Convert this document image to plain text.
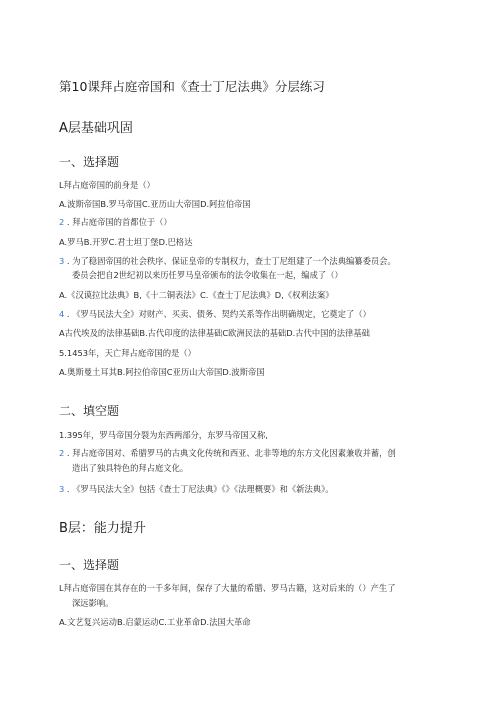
第10课拜占庭帝国和《查士丁尼法典》分层练习
A层基础巩固
一、选择题
L拜占庭帝国的前身是（）
A.波斯帝国B.罗马帝国C.亚历山大帝国D.阿拉伯帝国
2 . 拜占庭帝国的首都位于（）
A.罗马B.开罗C.君士坦丁堡D.巴格达
3 . 为了稳固帝国的社会秩序、保证皇帝的专制权力，查士丁尼组建了一个法典编纂委员会。
委员会把自2世纪初以来历任罗马皇帝颁布的法令收集在一起，编成了（）
A.《汉谟拉比法典》B,《十二铜表法》C.《查士丁尼法典》D,《权利法案》
4 . 《罗马民法大全》对财产、买卖、债务、契约关系等作出明确规定，它奠定了（）
A古代埃及的法律基础B.古代印度的法律基础C欧洲民法的基础D.古代中国的法律基础
5.1453年，天亡拜占庭帝国的是（）
A.奥斯曼土耳其B.阿拉伯帝国C亚历山大帝国D.波斯帝国
二、填空题
1.395年，罗马帝国分裂为东西两部分，东罗马帝国又称,
2 . 拜占庭帝国对、希腊罗马的古典文化传统和西亚、北非等地的东方文化因素兼收并蓄，创
造出了独具特色的拜占庭文化。
3 . 《罗马民法大全》包括《查士丁尼法典》《》《法理概要》和《新法典》。
B层：能力提升
一、选择题
L拜占庭帝国在其存在的一千多年间，保存了大量的希腊、罗马古籍，这对后来的（）产生了
深远影响。
A.文艺复兴运动B.启蒙运动C.工业革命D.法国大革命
